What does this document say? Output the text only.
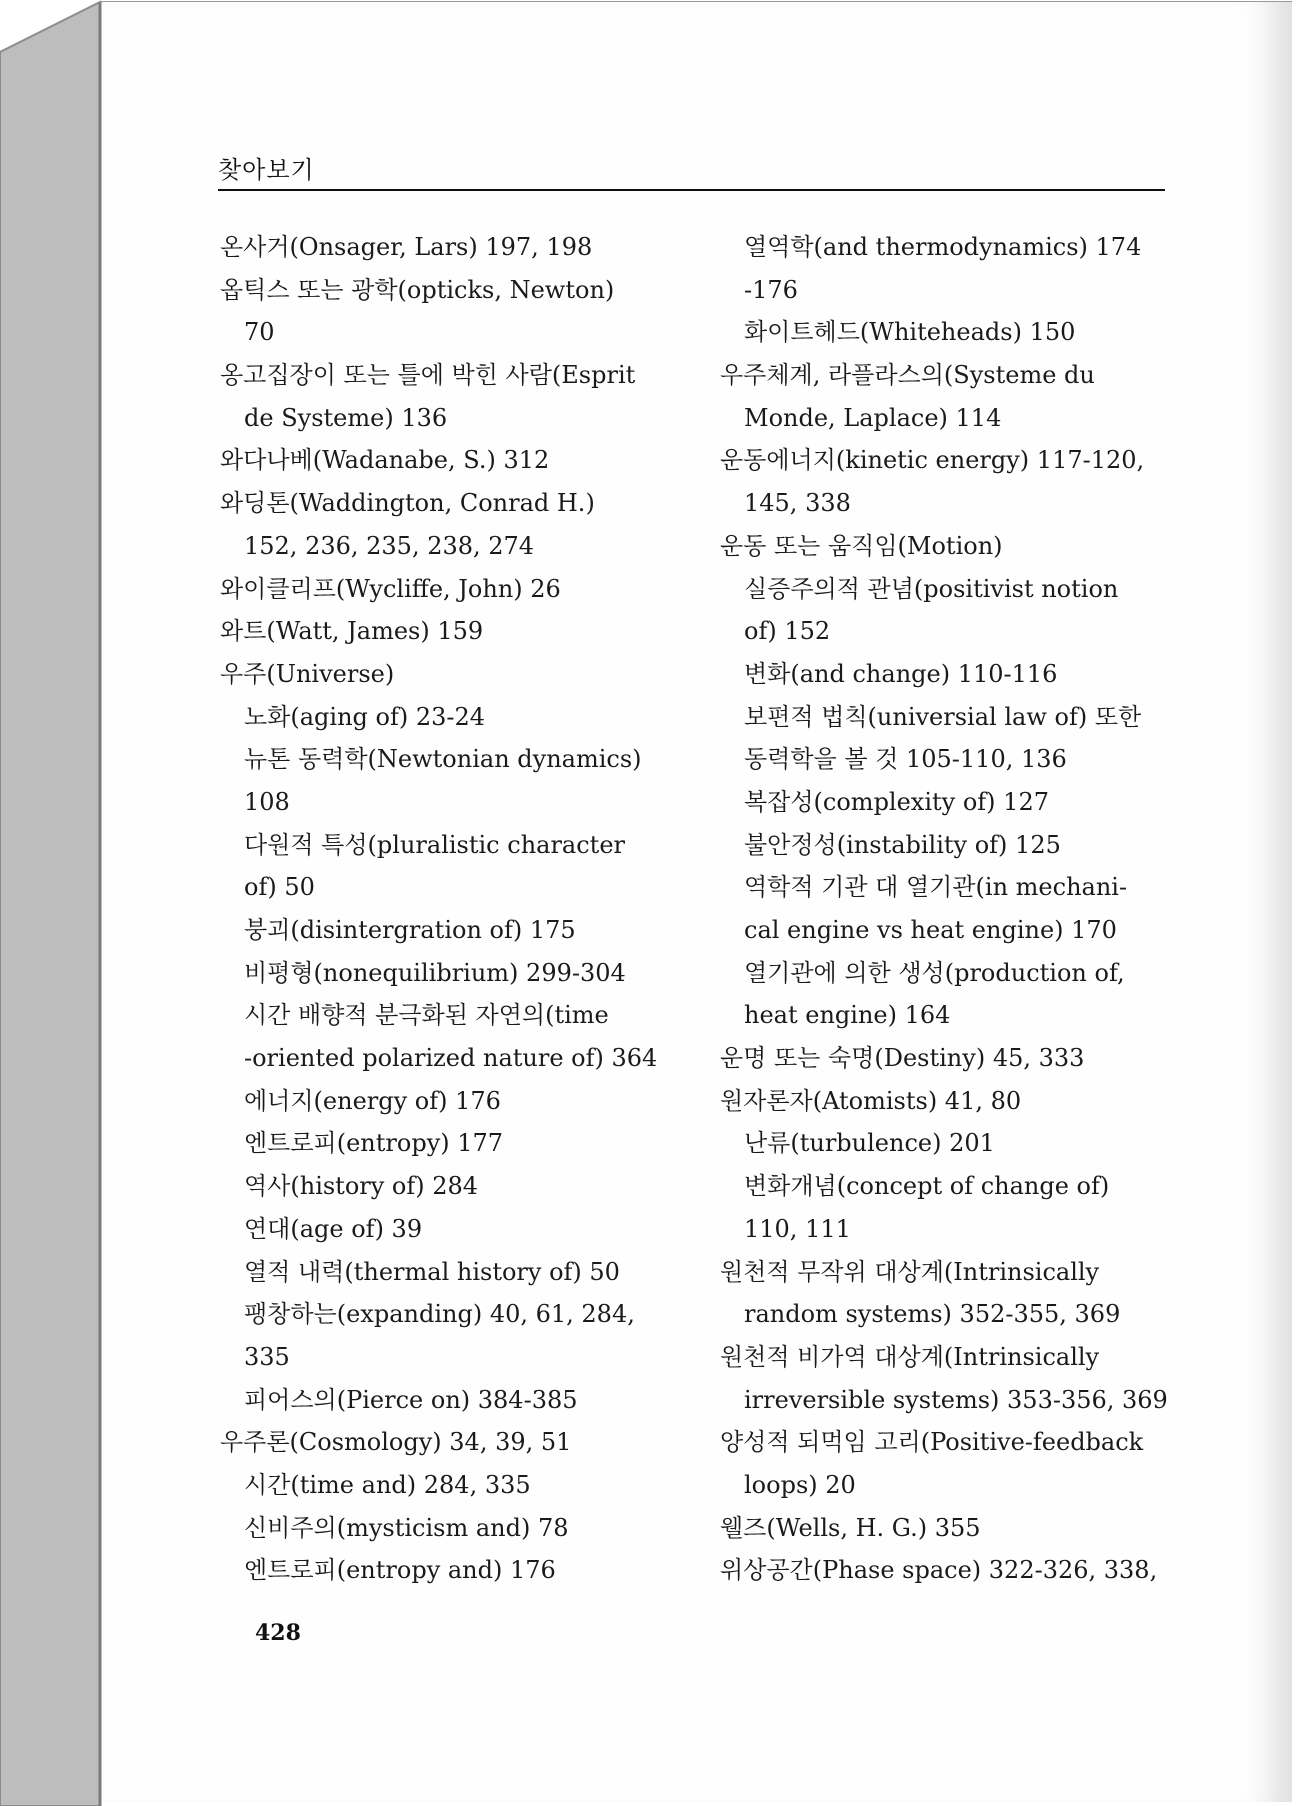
찾아보기
온사거(Onsager, Lars) 197, 198
옵틱스 또는 광학(opticks, Newton)
70
옹고집장이 또는 틀에 박힌 사람(Esprit
de Systeme) 136
와다나베(Wadanabe, S.) 312
와딩톤(Waddington, Conrad H.)
152, 236, 235, 238, 274
와이클리프(Wycliffe, John) 26
와트(Watt, James) 159
우주(Universe)
노화(aging of) 23-24
뉴톤 동력학(Newtonian dynamics)
108
다원적 특성(pluralistic character
of) 50
붕괴(disintergration of) 175
비평형(nonequilibrium) 299-304
시간 배향적 분극화된 자연의(time
-oriented polarized nature of) 364
에너지(energy of) 176
엔트로피(entropy) 177
역사(history of) 284
연대(age of) 39
열적 내력(thermal history of) 50
팽창하는(expanding) 40, 61, 284,
335
피어스의(Pierce on) 384-385
우주론(Cosmology) 34, 39, 51
시간(time and) 284, 335
신비주의(mysticism and) 78
엔트로피(entropy and) 176
열역학(and thermodynamics) 174
-176
화이트헤드(Whiteheads) 150
우주체계, 라플라스의(Systeme du
Monde, Laplace) 114
운동에너지(kinetic energy) 117-120,
145, 338
운동 또는 움직임(Motion)
실증주의적 관념(positivist notion
of) 152
변화(and change) 110-116
보편적 법칙(universial law of) 또한
동력학을 볼 것 105-110, 136
복잡성(complexity of) 127
불안정성(instability of) 125
역학적 기관 대 열기관(in mechani-
cal engine vs heat engine) 170
열기관에 의한 생성(production of,
heat engine) 164
운명 또는 숙명(Destiny) 45, 333
원자론자(Atomists) 41, 80
난류(turbulence) 201
변화개념(concept of change of)
110, 111
원천적 무작위 대상계(Intrinsically
random systems) 352-355, 369
원천적 비가역 대상계(Intrinsically
irreversible systems) 353-356, 369
양성적 되먹임 고리(Positive-feedback
loops) 20
웰즈(Wells, H. G.) 355
위상공간(Phase space) 322-326, 338,
428
